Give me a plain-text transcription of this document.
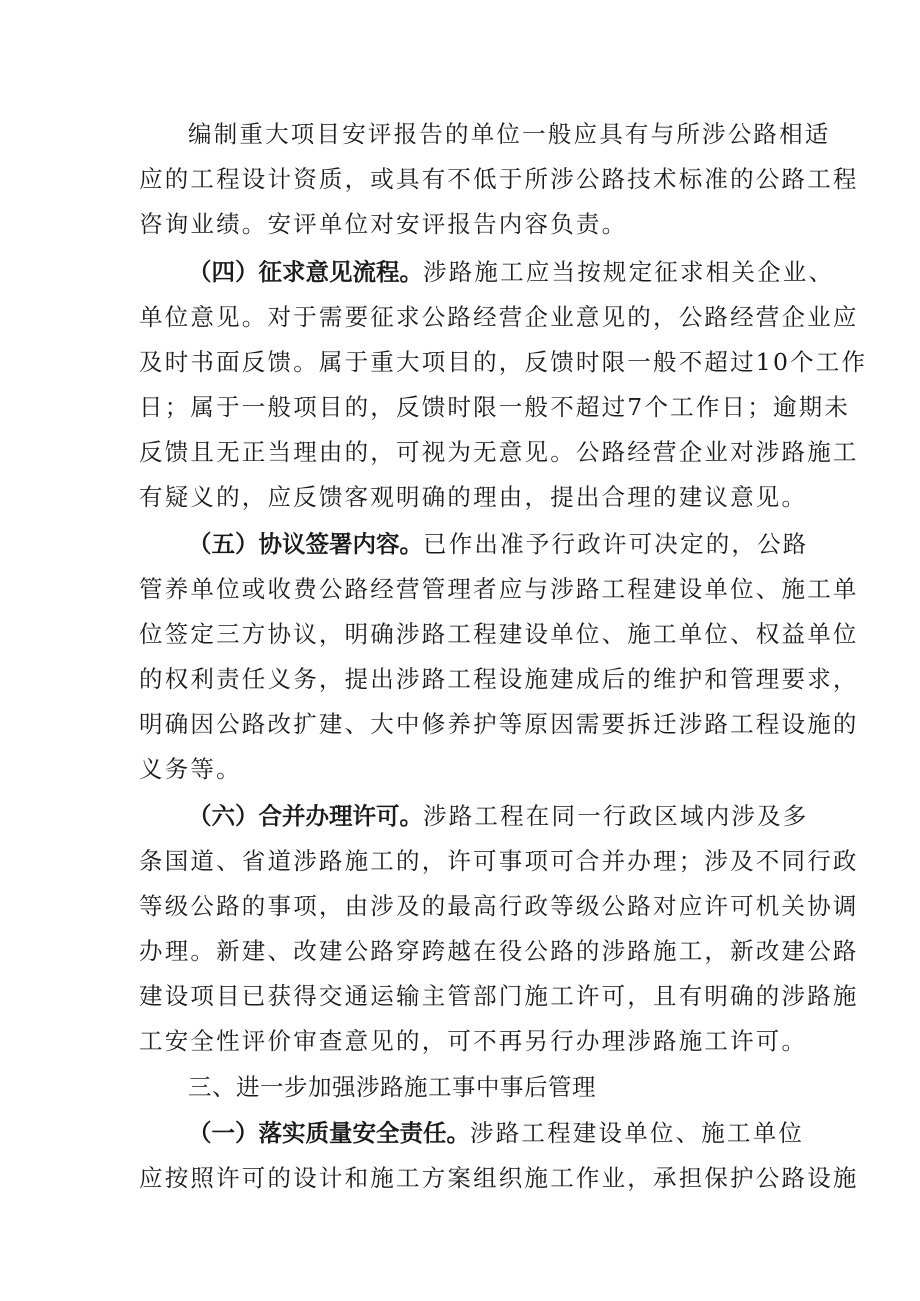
编制重大项目安评报告的单位一般应具有与所涉公路相适
应的工程设计资质，或具有不低于所涉公路技术标准的公路工程
咨询业绩。安评单位对安评报告内容负责。
（四）征求意见流程。涉路施工应当按规定征求相关企业、
单位意见。对于需要征求公路经营企业意见的，公路经营企业应
及时书面反馈。属于重大项目的，反馈时限一般不超过10个工作
日；属于一般项目的，反馈时限一般不超过7个工作日；逾期未
反馈且无正当理由的，可视为无意见。公路经营企业对涉路施工
有疑义的，应反馈客观明确的理由，提出合理的建议意见。
（五）协议签署内容。已作出准予行政许可决定的，公路
管养单位或收费公路经营管理者应与涉路工程建设单位、施工单
位签定三方协议，明确涉路工程建设单位、施工单位、权益单位
的权利责任义务，提出涉路工程设施建成后的维护和管理要求，
明确因公路改扩建、大中修养护等原因需要拆迁涉路工程设施的
义务等。
（六）合并办理许可。涉路工程在同一行政区域内涉及多
条国道、省道涉路施工的，许可事项可合并办理；涉及不同行政
等级公路的事项，由涉及的最高行政等级公路对应许可机关协调
办理。新建、改建公路穿跨越在役公路的涉路施工，新改建公路
建设项目已获得交通运输主管部门施工许可，且有明确的涉路施
工安全性评价审查意见的，可不再另行办理涉路施工许可。
三、进一步加强涉路施工事中事后管理
（一）落实质量安全责任。涉路工程建设单位、施工单位
应按照许可的设计和施工方案组织施工作业，承担保护公路设施
